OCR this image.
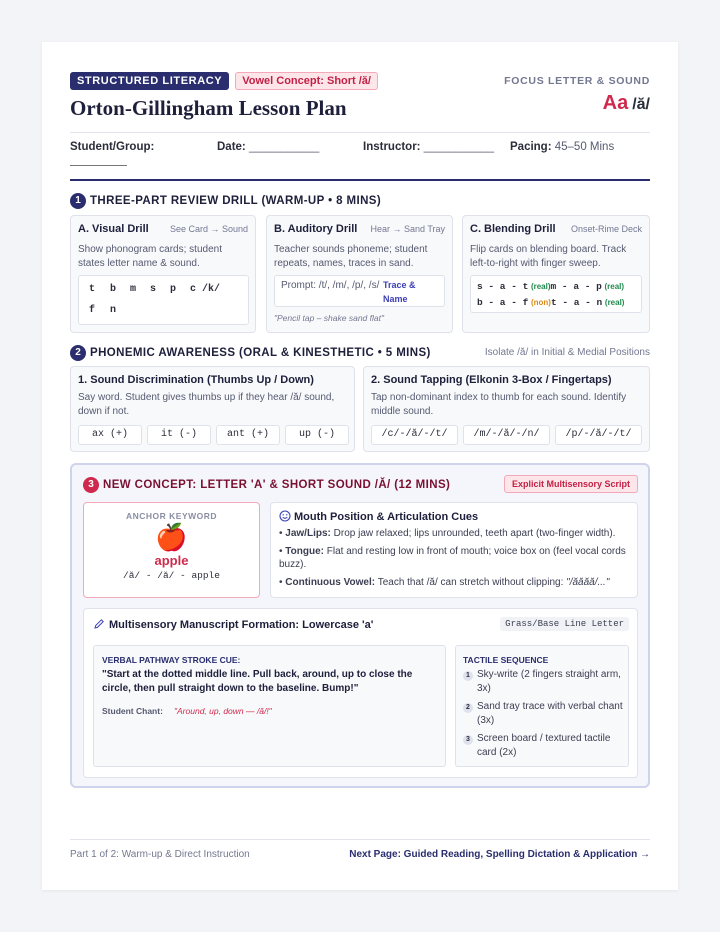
STRUCTURED LITERACY	Vowel Concept: Short /ă/
Orton-Gillingham Lesson Plan
FOCUS LETTER & SOUND
Aa /ă/
Student/Group:	Date: ___________	Instructor: ___________ Pacing: 45–50 Mins
1 THREE-PART REVIEW DRILL (WARM-UP • 8 MINS)
A. Visual Drill See Card → Sound
Show phonogram cards; student states letter name & sound.
t b m s p c /k/
f n
B. Auditory Drill Hear → Sand Tray
Teacher sounds phoneme; student repeats, names, traces in sand.
Prompt: /t/, /m/, /p/, /s/ Trace & Name
"Pencil tap – shake sand flat"
C. Blending Drill Onset-Rime Deck
Flip cards on blending board. Track left-to-right with finger sweep.
s - a - t (real)m - a - p (real)
b - a - f (non)t - a - n (real)
2 PHONEMIC AWARENESS (ORAL & KINESTHETIC • 5 MINS)	Isolate /ă/ in Initial & Medial Positions
1. Sound Discrimination (Thumbs Up / Down)
Say word. Student gives thumbs up if they hear /ă/ sound, down if not.
ax (+)	it (-)	ant (+)	up (-)
2. Sound Tapping (Elkonin 3-Box / Fingertaps)
Tap non-dominant index to thumb for each sound. Identify middle sound.
/c/-/ă/-/t/	/m/-/ă/-/n/	/p/-/ă/-/t/
3 NEW CONCEPT: LETTER 'A' & SHORT SOUND /Ă/ (12 MINS)	Explicit Multisensory Script
ANCHOR KEYWORD
🍎
apple
/ă/ - /ă/ - apple
Mouth Position & Articulation Cues
• Jaw/Lips: Drop jaw relaxed; lips unrounded, teeth apart (two-finger width).
• Tongue: Flat and resting low in front of mouth; voice box on (feel vocal cords buzz).
• Continuous Vowel: Teach that /ă/ can stretch without clipping: "/ăăăă/..."
Multisensory Manuscript Formation: Lowercase 'a'	Grass/Base Line Letter
VERBAL PATHWAY STROKE CUE:
"Start at the dotted middle line. Pull back, around, up to close the circle, then pull straight down to the baseline. Bump!"
Student Chant: "Around, up, down — /ă/!"
TACTILE SEQUENCE
1 Sky-write (2 fingers straight arm, 3x)
2 Sand tray trace with verbal chant (3x)
3 Screen board / textured tactile card (2x)
Part 1 of 2: Warm-up & Direct Instruction	Next Page: Guided Reading, Spelling Dictation & Application →
